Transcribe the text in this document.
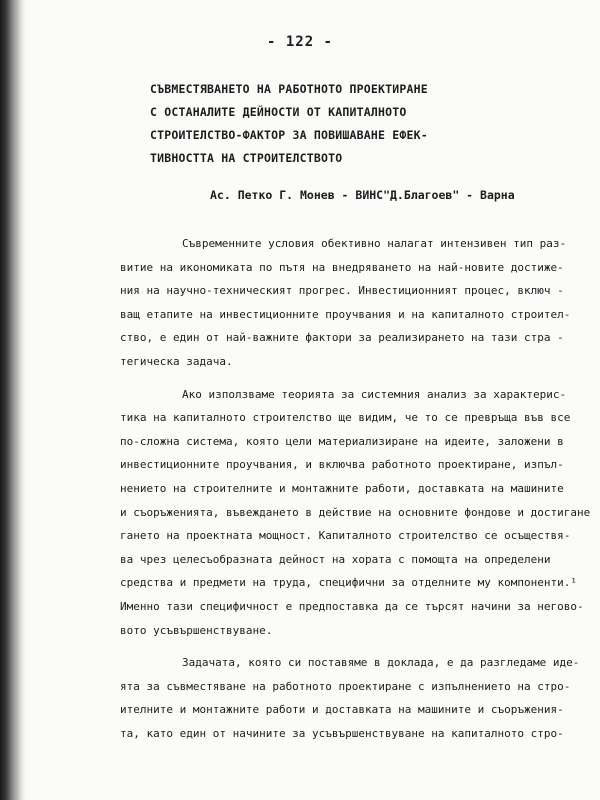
- 122 -
СЪВМЕСТЯВАНЕТО НА РАБОТНОТО ПРОЕКТИРАНЕ
С ОСТАНАЛИТЕ ДЕЙНОСТИ ОТ КАПИТАЛНОТО
СТРОИТЕЛСТВО-ФАКТОР ЗА ПОВИШАВАНЕ ЕФЕК-
ТИВНОСТТА НА СТРОИТЕЛСТВОТО
Ас. Петко Г. Монев - ВИНС"Д.Благоев" - Варна
Съвременните условия обективно налагат интензивен тип раз-
витие на икономиката по пътя на внедряването на най-новите достиже-
ния на научно-техническият прогрес. Инвестиционният процес, включ -
ващ етапите на инвестиционните проучвания и на капиталното строител-
ство, е един от най-важните фактори за реализирането на тази стра -
тегическа задача.
Ако използваме теорията за системния анализ за характерис-
тика на капиталното строителство ще видим, че то се превръща във все
по-сложна система, която цели материализиране на идеите, заложени в
инвестиционните проучвания, и включва работното проектиране, изпъл-
нението на строителните и монтажните работи, доставката на машините
и съоръженията, въвеждането в действие на основните фондове и достигане
гането на проектната мощност. Капиталното строителство се осъществя-
ва чрез целесъобразната дейност на хората с помощта на определени
средства и предмети на труда, специфични за отделните му компоненти.¹
Именно тази специфичност е предпоставка да се търсят начини за негово-
вото усъвършенствуване.
Задачата, която си поставяме в доклада, е да разгледаме иде-
ята за съвместяване на работното проектиране с изпълнението на стро-
ителните и монтажните работи и доставката на машините и съоръжения-
та, като един от начините за усъвършенствуване на капиталното стро-
